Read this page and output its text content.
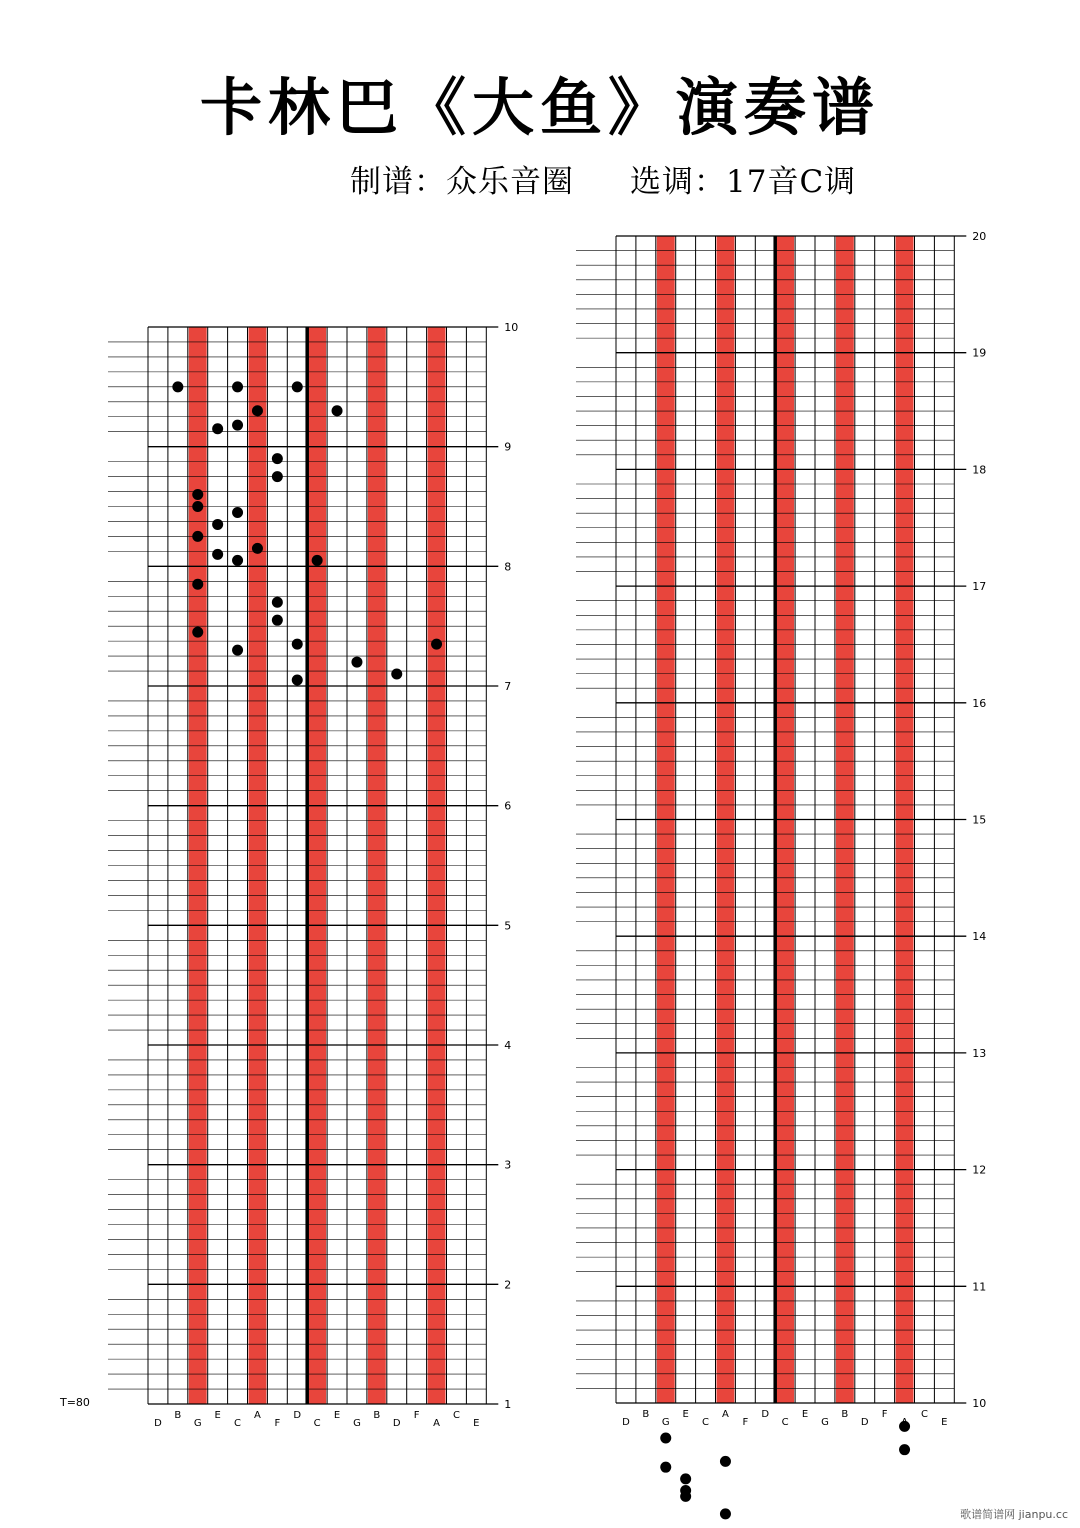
卡林巴《大鱼》演奏谱
制谱：众乐音圈 选调：17音C调
1
2
3
4
5
6
7
8
9
10
D
B
G
E
C
A
F
D
C
E
G
B
D
F
A
C
E
10
11
12
13
14
15
16
17
18
19
20
D
B
G
E
C
A
F
D
C
E
G
B
D
F	C
E
T=80
歌谱简谱网 jianpu.cc
